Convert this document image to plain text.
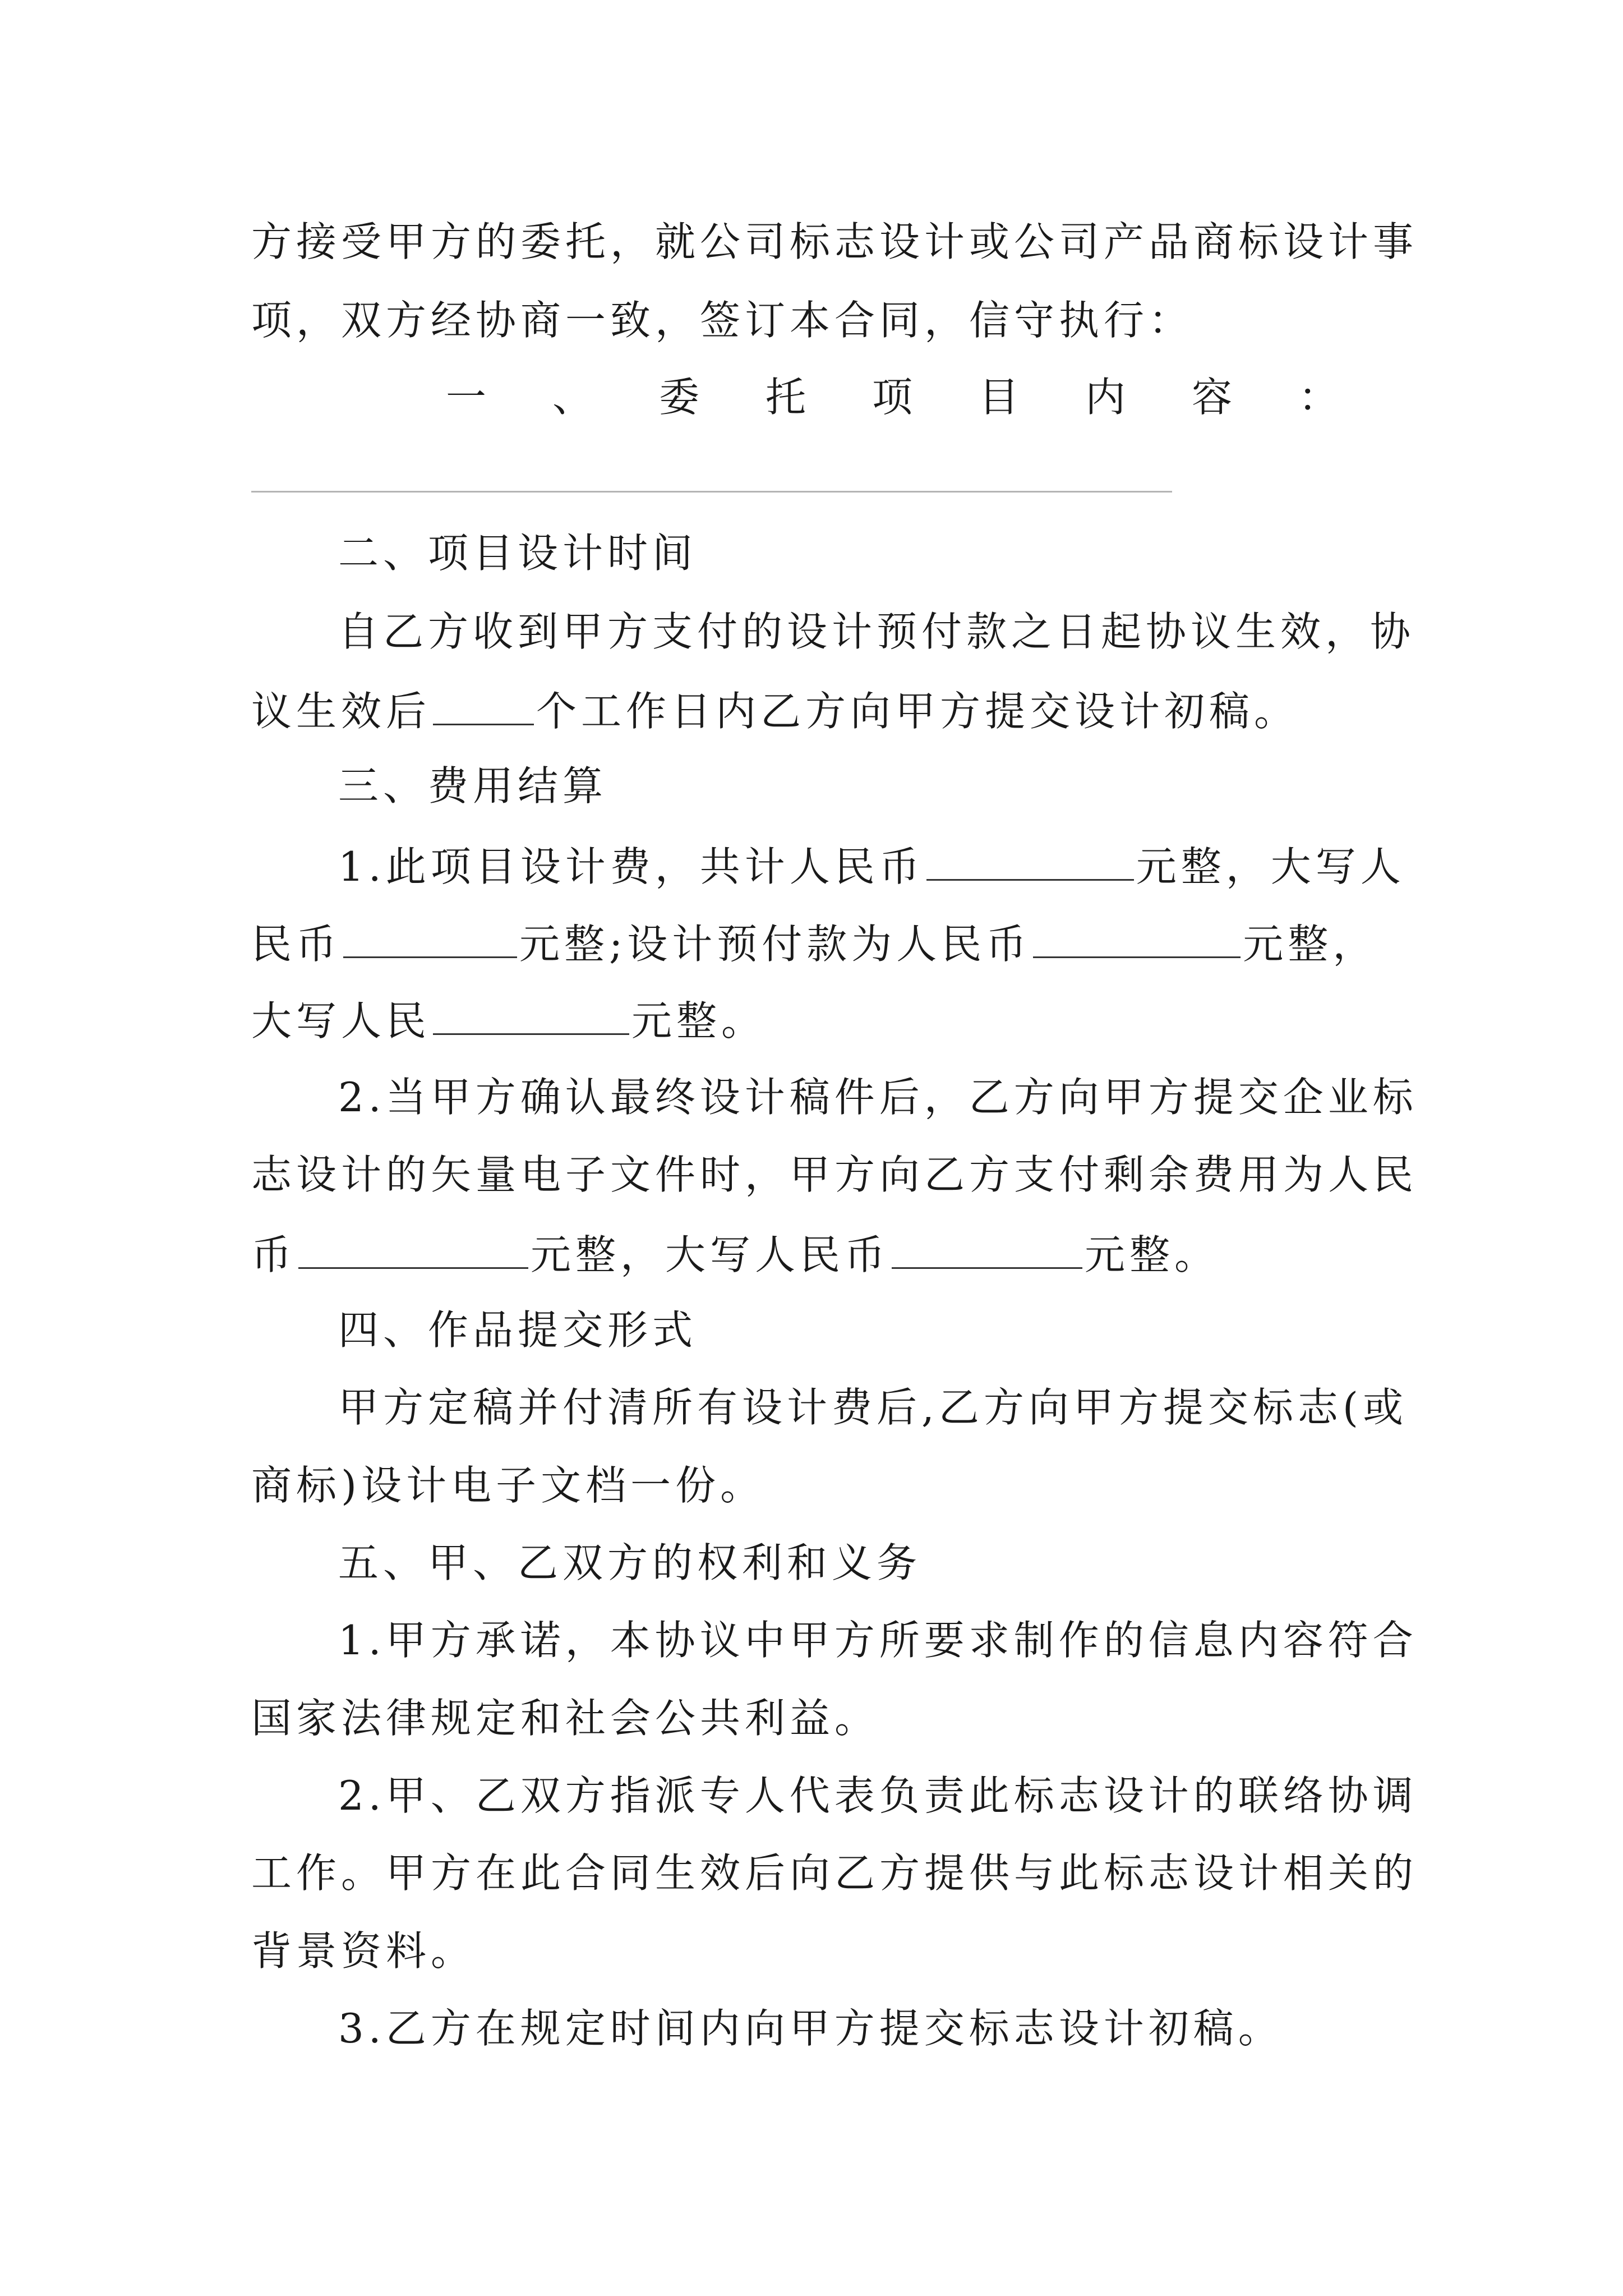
方接受甲方的委托，就公司标志设计或公司产品商标设计事
项，双方经协商一致，签订本合同，信守执行：
一	、	委	托	项	目	内	容	：
二、项目设计时间
自乙方收到甲方支付的设计预付款之日起协议生效，协
议生效后	个工作日内乙方向甲方提交设计初稿。
三、费用结算
1.此项目设计费，共计人民币	元整，大写人
民币	元整;设计预付款为人民币	元整，
大写人民	元整。
2.当甲方确认最终设计稿件后，乙方向甲方提交企业标
志设计的矢量电子文件时，甲方向乙方支付剩余费用为人民
币	元整，大写人民币	元整。
四、作品提交形式
甲方定稿并付清所有设计费后,乙方向甲方提交标志(或
商标)设计电子文档一份。
五、甲、乙双方的权利和义务
1.甲方承诺，本协议中甲方所要求制作的信息内容符合
国家法律规定和社会公共利益。
2.甲、乙双方指派专人代表负责此标志设计的联络协调
工作。甲方在此合同生效后向乙方提供与此标志设计相关的
背景资料。
3.乙方在规定时间内向甲方提交标志设计初稿。
